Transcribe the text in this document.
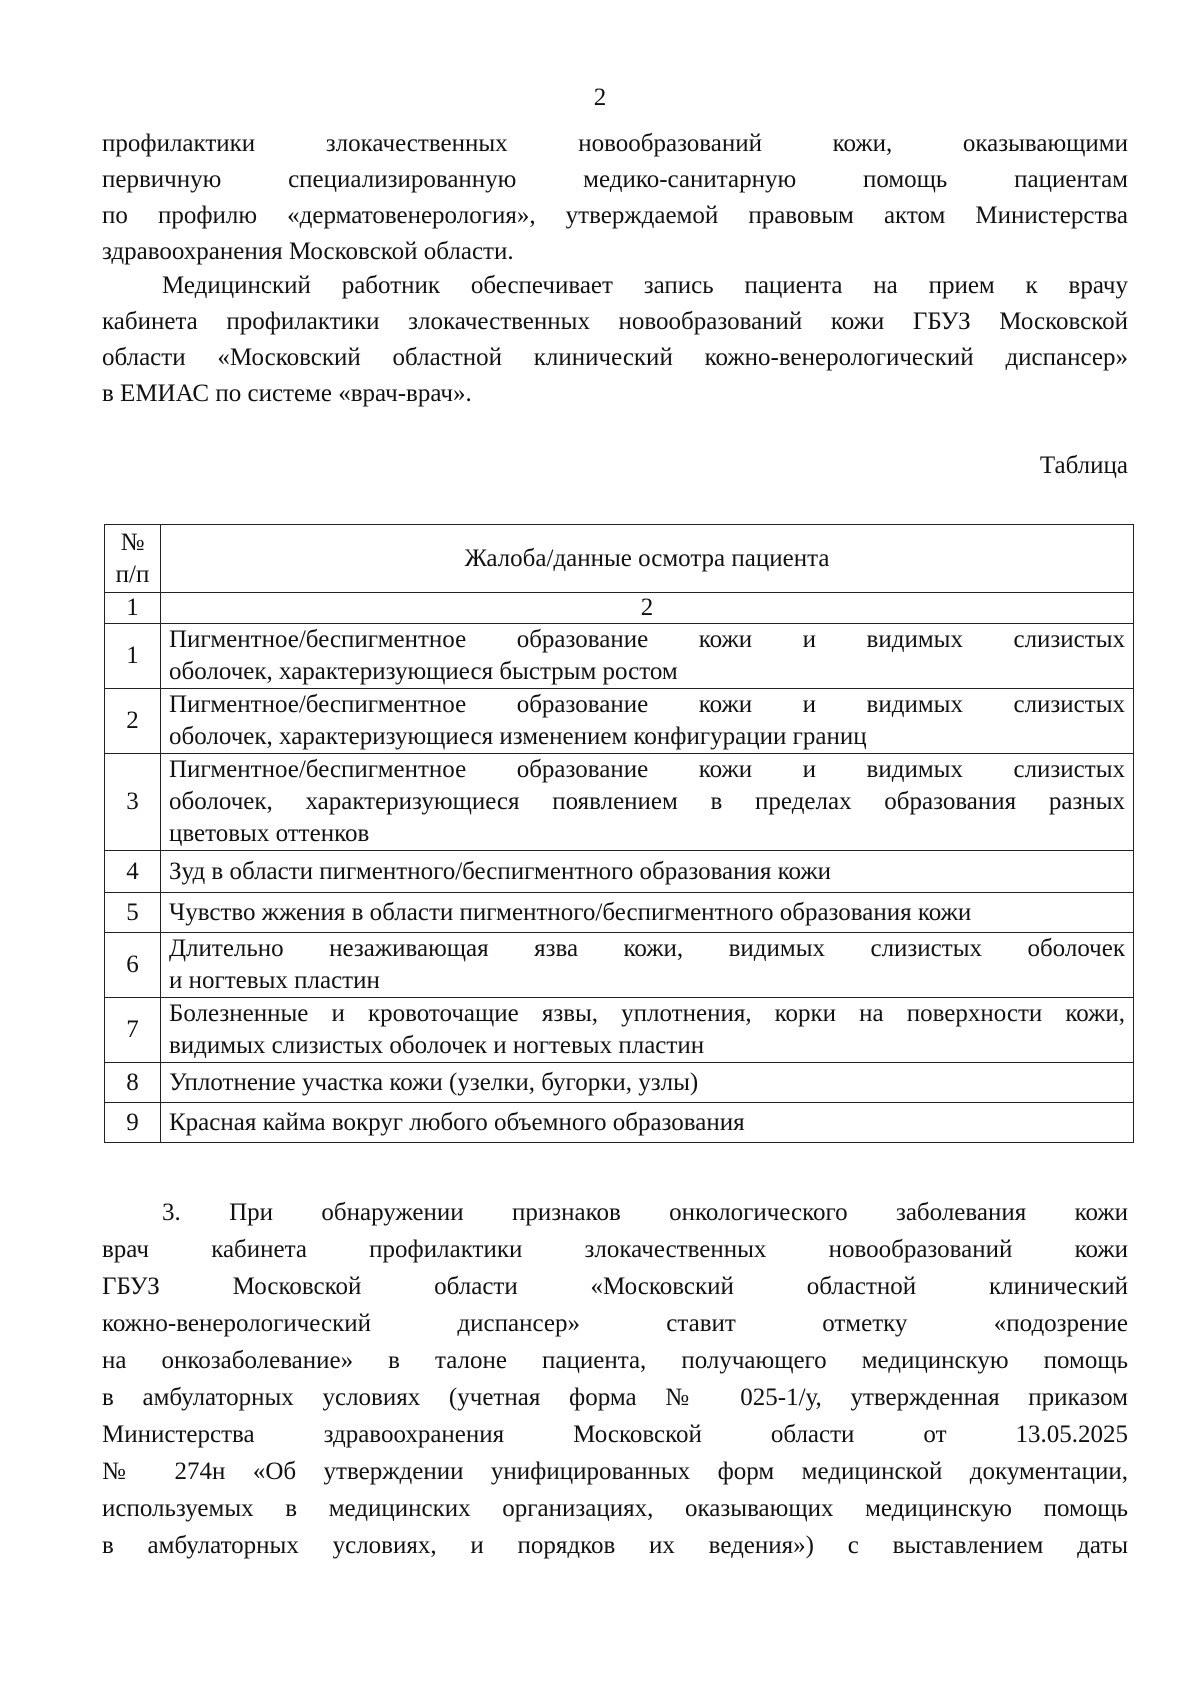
2
профилактики злокачественных новообразований кожи, оказывающими
первичную специализированную медико-санитарную помощь пациентам
по профилю «дерматовенерология», утверждаемой правовым актом Министерства
здравоохранения Московской области.
Медицинский работник обеспечивает запись пациента на прием к врачу
кабинета профилактики злокачественных новообразований кожи ГБУЗ Московской
области «Московский областной клинический кожно-венерологический диспансер»
в ЕМИАС по системе «врач-врач».
Таблица
№
п/п	Жалоба/данные осмотра пациента
1	2
1	Пигментное/беспигментное образование кожи и видимых слизистых
оболочек, характеризующиеся быстрым ростом

2	Пигментное/беспигментное образование кожи и видимых слизистых
оболочек, характеризующиеся изменением конфигурации границ

3	Пигментное/беспигментное образование кожи и видимых слизистых
оболочек, характеризующиеся появлением в пределах образования разных
цветовых оттенков

4	Зуд в области пигментного/беспигментного образования кожи

5	Чувство жжения в области пигментного/беспигментного образования кожи

6	Длительно незаживающая язва кожи, видимых слизистых оболочек
и ногтевых пластин

7	Болезненные и кровоточащие язвы, уплотнения, корки на поверхности кожи,
видимых слизистых оболочек и ногтевых пластин

8	Уплотнение участка кожи (узелки, бугорки, узлы)

9	Красная кайма вокруг любого объемного образования
3. При обнаружении признаков онкологического заболевания кожи
врач кабинета профилактики злокачественных новообразований кожи
ГБУЗ Московской области «Московский областной клинический
кожно-венерологический диспансер» ставит отметку «подозрение
на онкозаболевание» в талоне пациента, получающего медицинскую помощь
в амбулаторных условиях (учетная форма № 025-1/у, утвержденная приказом
Министерства здравоохранения Московской области от 13.05.2025
№ 274н «Об утверждении унифицированных форм медицинской документации,
используемых в медицинских организациях, оказывающих медицинскую помощь
в амбулаторных условиях, и порядков их ведения») с выставлением даты
